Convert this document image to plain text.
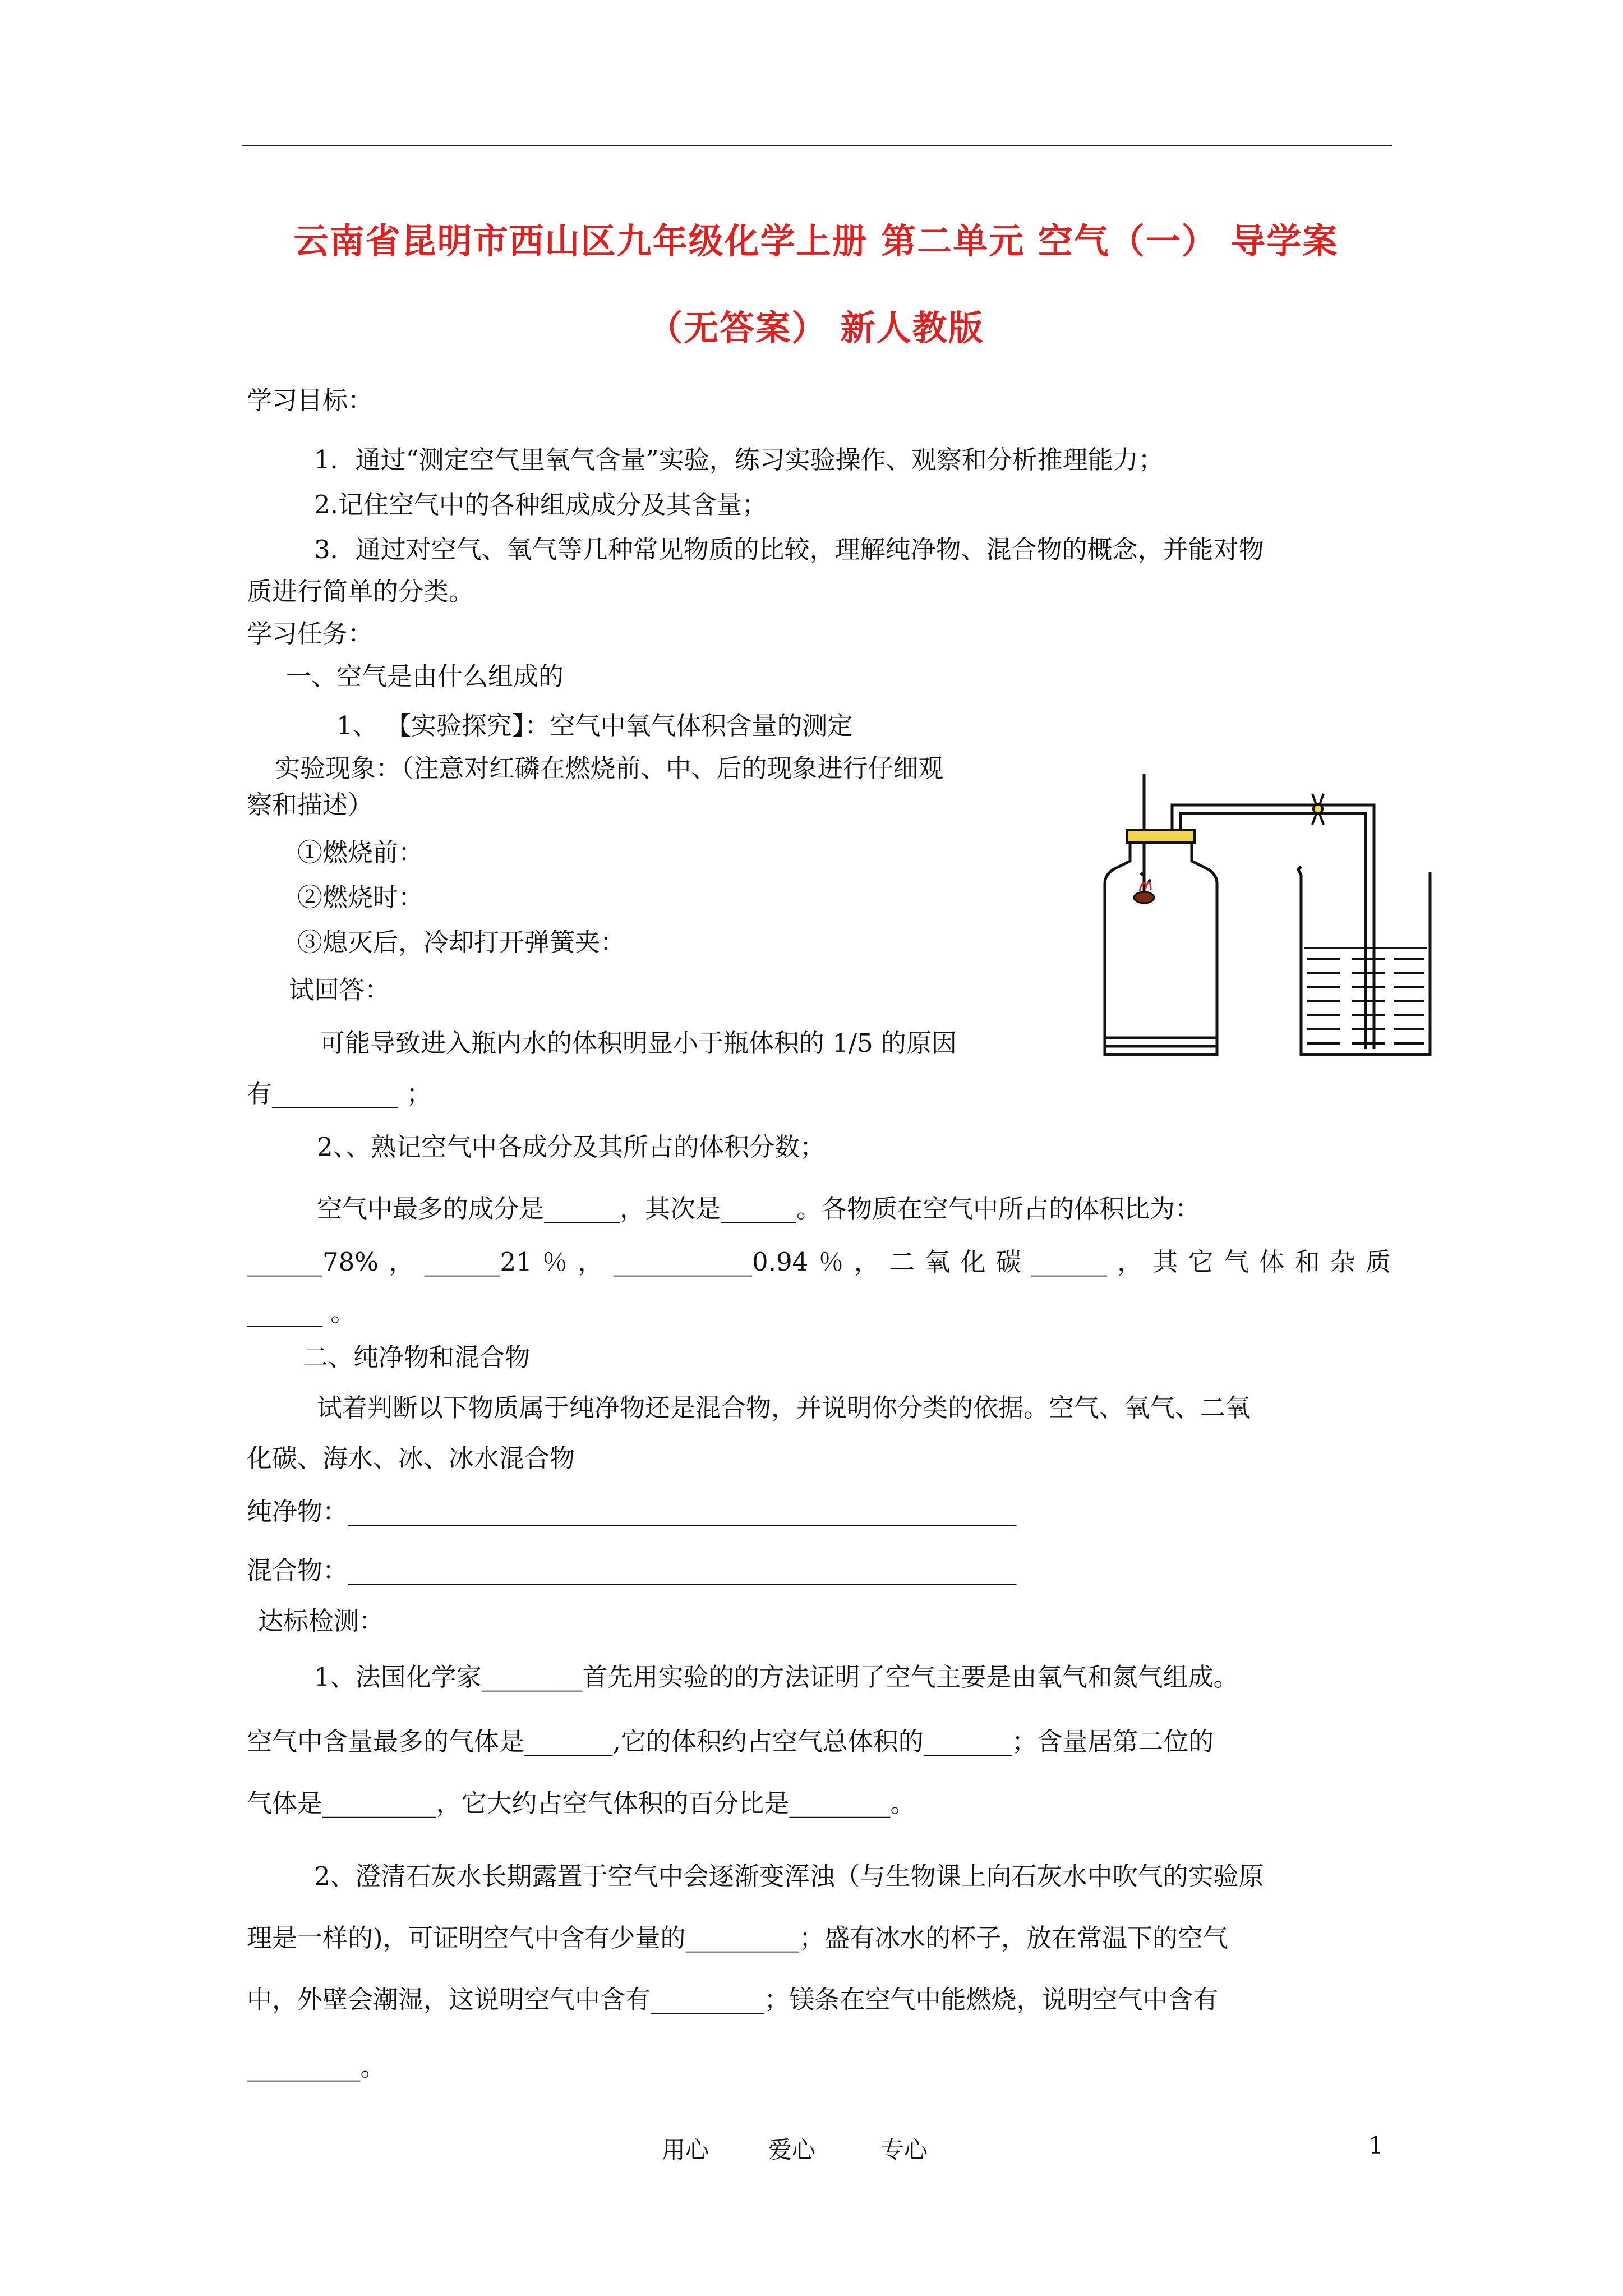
云南省昆明市西山区九年级化学上册 第二单元 空气（一） 导学案
（无答案） 新人教版
学习目标：
1．通过“测定空气里氧气含量”实验，练习实验操作、观察和分析推理能力；
2.记住空气中的各种组成成分及其含量；
3．通过对空气、氧气等几种常见物质的比较，理解纯净物、混合物的概念，并能对物
质进行简单的分类。
学习任务：
一、空气是由什么组成的
1、 【实验探究】：空气中氧气体积含量的测定
实验现象：（注意对红磷在燃烧前、中、后的现象进行仔细观
察和描述）
①燃烧前：
②燃烧时：
③熄灭后，冷却打开弹簧夹：
试回答：
可能导致进入瓶内水的体积明显小于瓶体积的 1/5 的原因
有__________ ；
2、、熟记空气中各成分及其所占的体积分数；
空气中最多的成分是______，其次是______。各物质在空气中所占的体积比为：
______78%，______21％，___________0.94％，二氧化碳______，其它气体和杂质
______ 。
二、纯净物和混合物
试着判断以下物质属于纯净物还是混合物，并说明你分类的依据。空气、氧气、二氧
化碳、海水、冰、冰水混合物
纯净物：_____________________________________________________
混合物：_____________________________________________________
达标检测：
1、法国化学家________首先用实验的的方法证明了空气主要是由氧气和氮气组成。
空气中含量最多的气体是_______,它的体积约占空气总体积的_______；含量居第二位的
气体是_________，它大约占空气体积的百分比是________。
2、澄清石灰水长期露置于空气中会逐渐变浑浊（与生物课上向石灰水中吹气的实验原
理是一样的)，可证明空气中含有少量的_________；盛有冰水的杯子，放在常温下的空气
中，外壁会潮湿，这说明空气中含有_________；镁条在空气中能燃烧，说明空气中含有
_________。
用心	爱心	专心	1
